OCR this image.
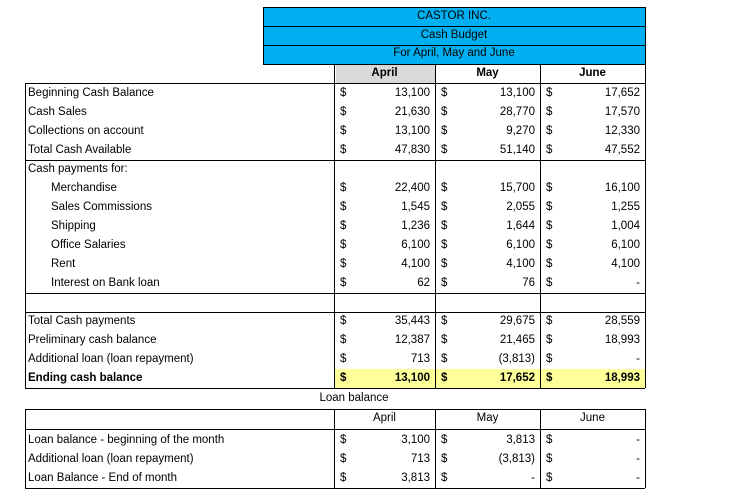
CASTOR INC.
Cash Budget
For April, May and June
April	May	June
Beginning Cash Balance	$	13,100 $	13,100 $	17,652
Cash Sales	$	21,630 $	28,770 $	17,570
Collections on account	$	13,100 $	9,270 $	12,330
Total Cash Available	$	47,830 $	51,140 $	47,552
Cash payments for:
Merchandise	$	22,400 $	15,700 $	16,100
Sales Commissions	$	1,545 $	2,055 $	1,255
Shipping	$	1,236 $	1,644 $	1,004
Office Salaries	$	6,100 $	6,100 $	6,100
Rent	$	4,100 $	4,100 $	4,100
Interest on Bank loan	$	62 $	76 $	-
Total Cash payments	$	35,443 $	29,675 $	28,559
Preliminary cash balance	$	12,387 $	21,465 $	18,993
Additional loan (loan repayment)	$	713 $	(3,813) $	-
Ending cash balance	$	13,100 $	17,652 $	18,993
Loan balance
April	May	June
Loan balance - beginning of the month	$	3,100 $	3,813 $	-
Additional loan (loan repayment)	$	713 $	(3,813) $	-
Loan Balance - End of month	$	3,813 $	- $	-
